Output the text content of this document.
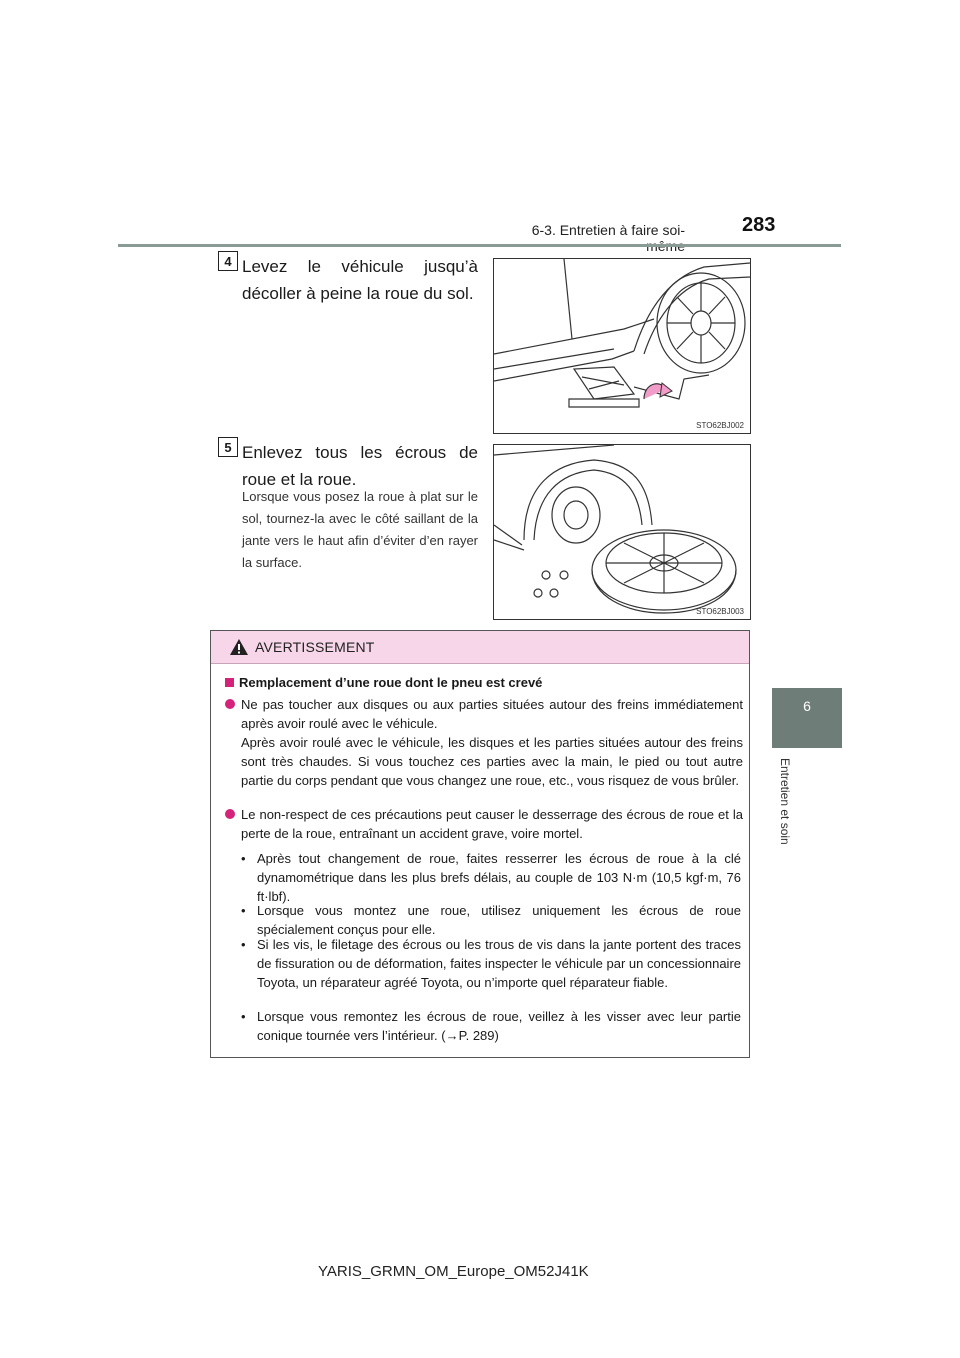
6-3. Entretien à faire soi-	283
6
Entretien et soin
4 Levez le véhicule jusqu’à décoller à peine la roue du sol.
STO62BJ002
5 Enlevez tous les écrous de roue et la roue.
Lorsque vous posez la roue à plat sur le sol, tournez-la avec le côté saillant de la jante vers le haut afin d’éviter d’en rayer la surface.
STO62BJ003
AVERTISSEMENT
Remplacement d’une roue dont le pneu est crevé
Ne pas toucher aux disques ou aux parties situées autour des freins immédiatement après avoir roulé avec le véhicule.
Après avoir roulé avec le véhicule, les disques et les parties situées autour des freins sont très chaudes. Si vous touchez ces parties avec la main, le pied ou tout autre partie du corps pendant que vous changez une roue, etc., vous risquez de vous brûler.
Le non-respect de ces précautions peut causer le desserrage des écrous de roue et la perte de la roue, entraînant un accident grave, voire mortel.
• Après tout changement de roue, faites resserrer les écrous de roue à la clé dynamométrique dans les plus brefs délais, au couple de 103 N·m (10,5 kgf·m, 76 ft·lbf).
• Lorsque vous montez une roue, utilisez uniquement les écrous de roue spécialement conçus pour elle.
• Si les vis, le filetage des écrous ou les trous de vis dans la jante portent des traces de fissuration ou de déformation, faites inspecter le véhicule par un concessionnaire Toyota, un réparateur agréé Toyota, ou n’importe quel réparateur fiable.
• Lorsque vous remontez les écrous de roue, veillez à les visser avec leur partie conique tournée vers l’intérieur. (→P. 289)
YARIS_GRMN_OM_Europe_OM52J41K
